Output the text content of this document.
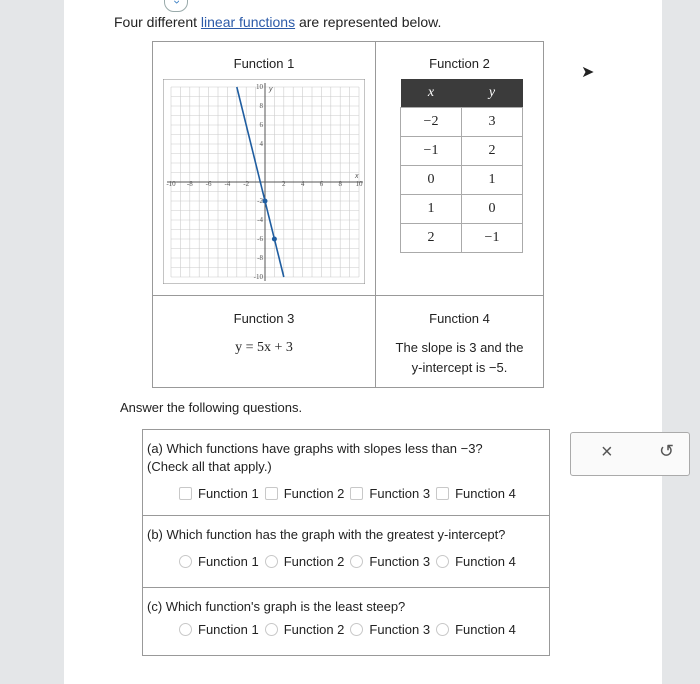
‹
Four different linear functions are represented below.
Function 1
-10 -8 -6 -4 -2	2 4 6 8 10
10
8
6
4
-2
-4
-6
-8
-10
x
y
Function 2
x	y
−2	3
−1	2
0	1
1	0
2	−1
Function 3
y = 5x + 3
Function 4
The slope is 3 and the
y-intercept is −5.
Answer the following questions.
(a) Which functions have graphs with slopes less than −3?
(Check all that apply.)
Function 1 Function 2 Function 3 Function 4
(b) Which function has the graph with the greatest y-intercept?
Function 1 Function 2 Function 3 Function 4
(c) Which function's graph is the least steep?
Function 1 Function 2 Function 3 Function 4
×	↺
➤
